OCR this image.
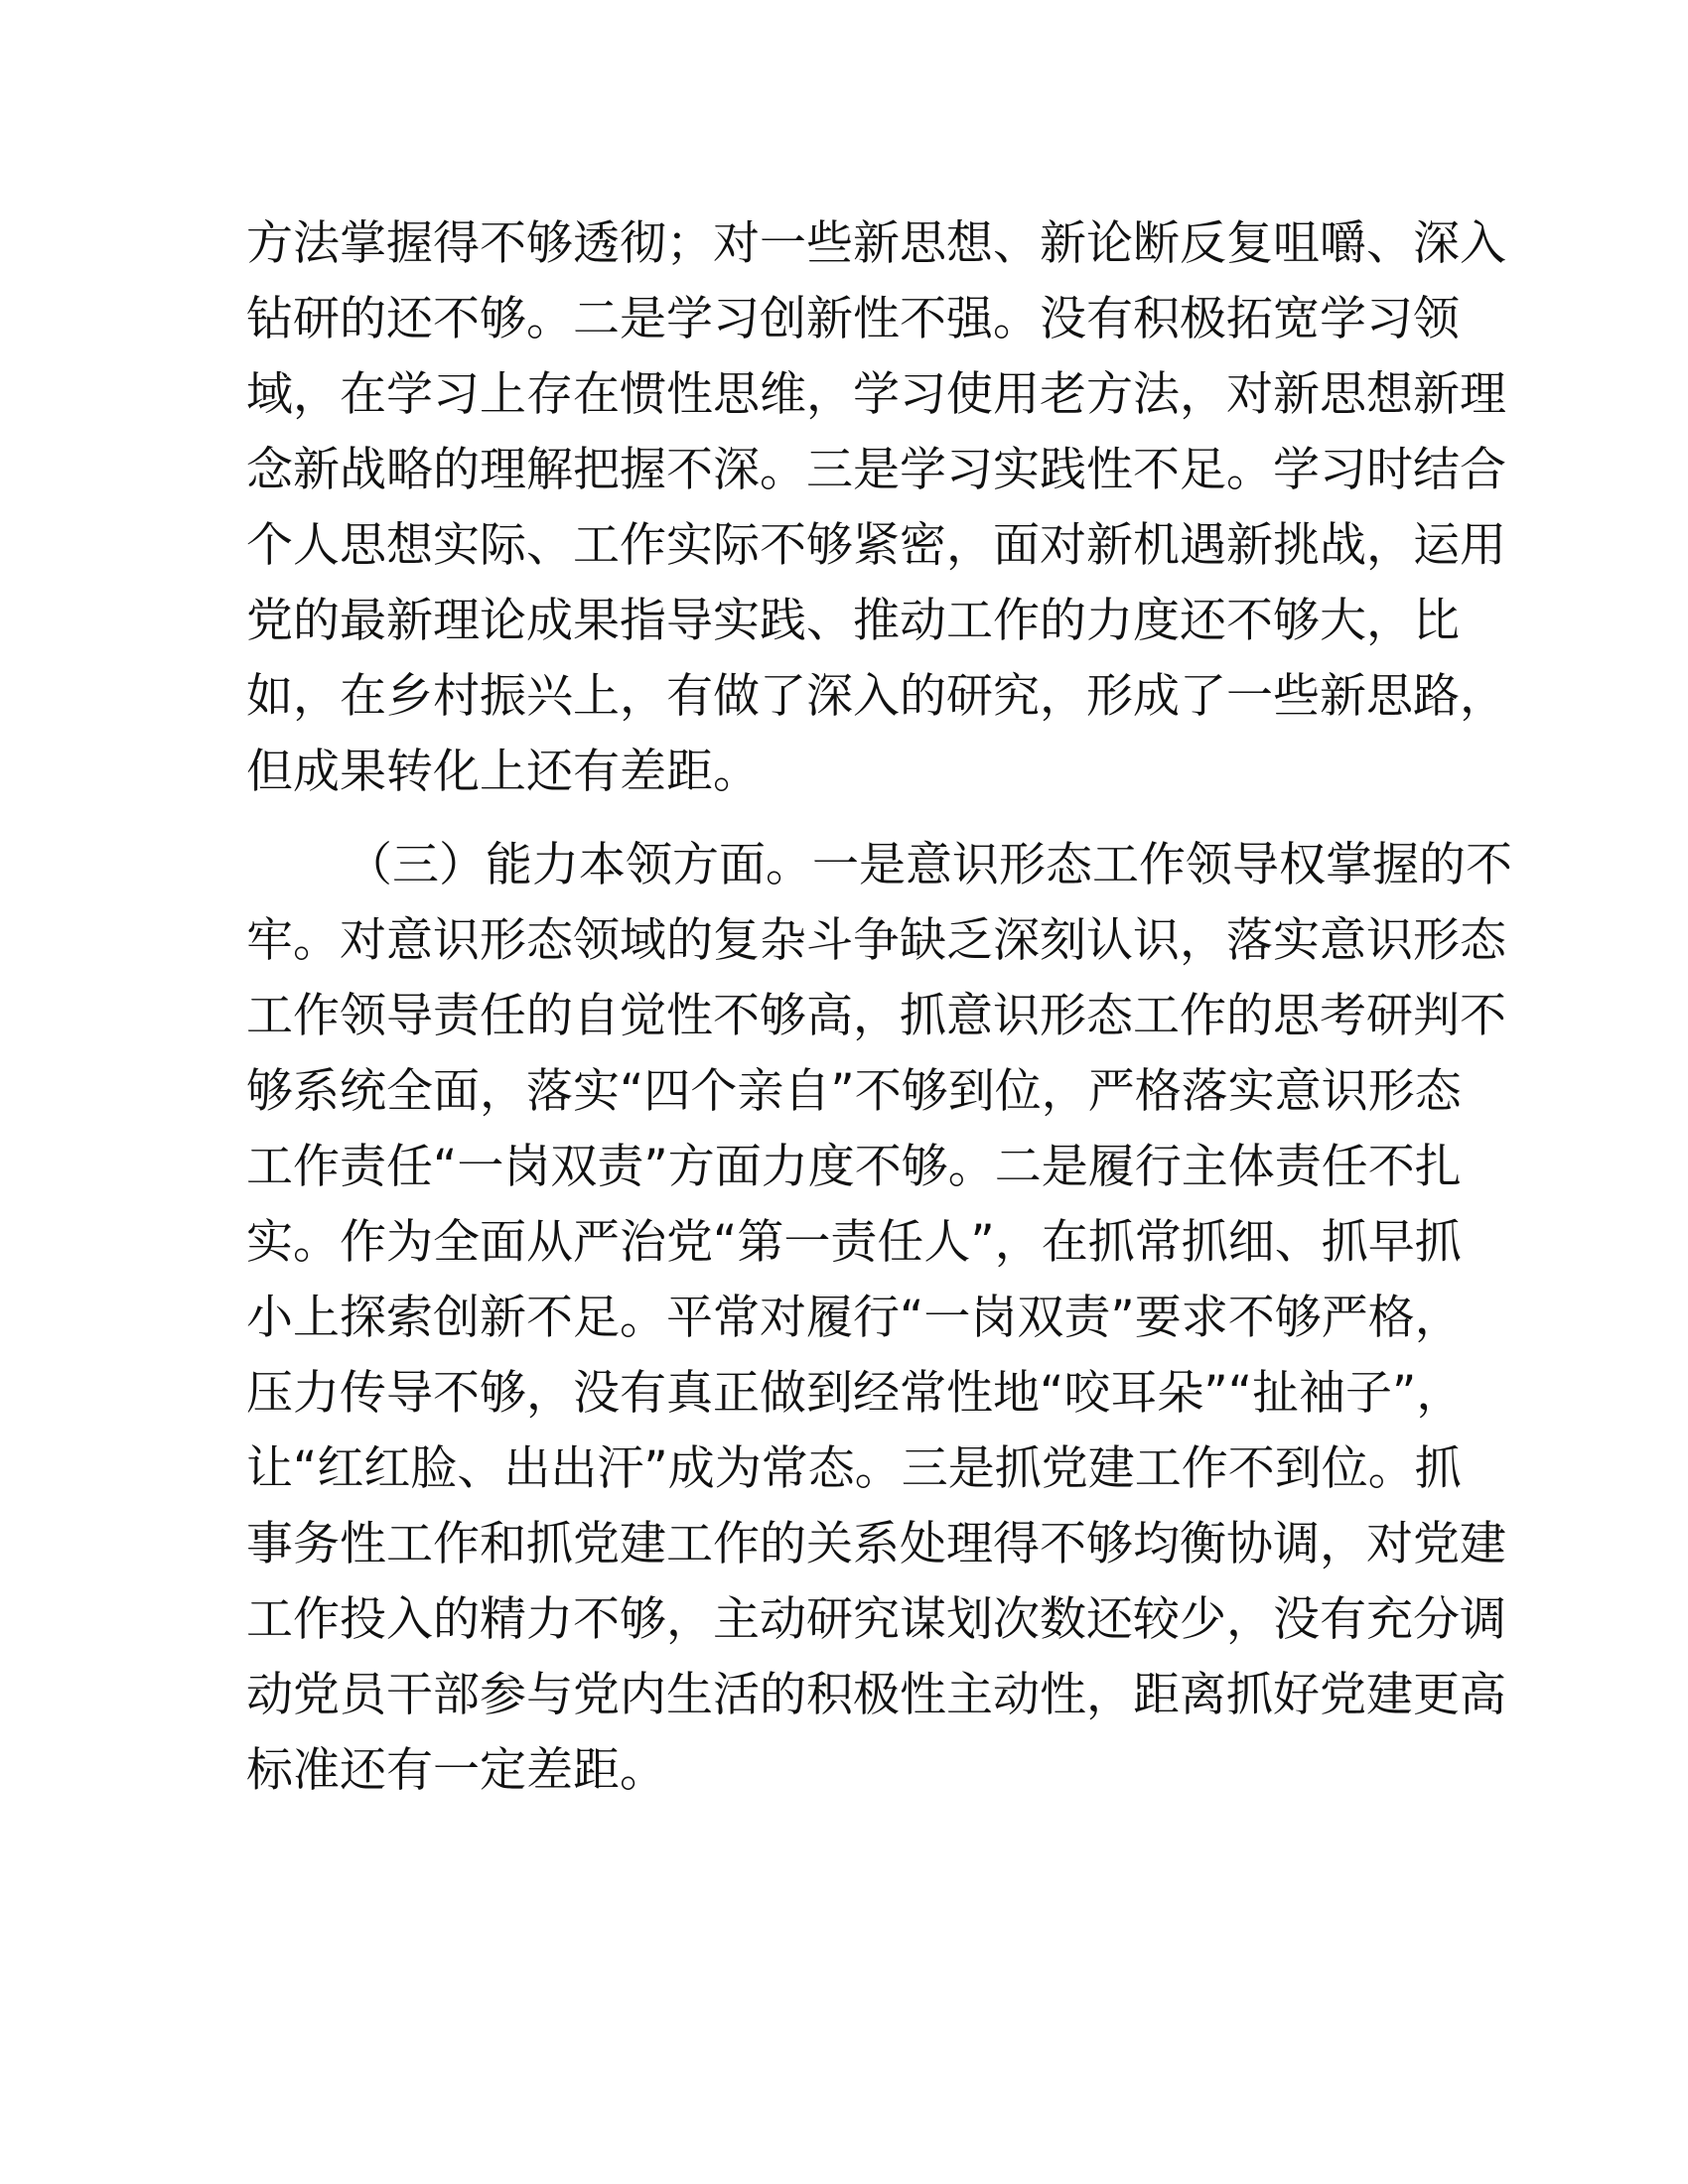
方法掌握得不够透彻；对一些新思想、新论断反复咀嚼、深入
钻研的还不够。二是学习创新性不强。没有积极拓宽学习领
域，在学习上存在惯性思维，学习使用老方法，对新思想新理
念新战略的理解把握不深。三是学习实践性不足。学习时结合
个人思想实际、工作实际不够紧密，面对新机遇新挑战，运用
党的最新理论成果指导实践、推动工作的力度还不够大，比
如，在乡村振兴上，有做了深入的研究，形成了一些新思路，
但成果转化上还有差距。
（三）能力本领方面。一是意识形态工作领导权掌握的不
牢。对意识形态领域的复杂斗争缺乏深刻认识，落实意识形态
工作领导责任的自觉性不够高，抓意识形态工作的思考研判不
够系统全面，落实“四个亲自”不够到位，严格落实意识形态
工作责任“一岗双责”方面力度不够。二是履行主体责任不扎
实。作为全面从严治党“第一责任人”，在抓常抓细、抓早抓
小上探索创新不足。平常对履行“一岗双责”要求不够严格，
压力传导不够，没有真正做到经常性地“咬耳朵”“扯袖子”，
让“红红脸、出出汗”成为常态。三是抓党建工作不到位。抓
事务性工作和抓党建工作的关系处理得不够均衡协调，对党建
工作投入的精力不够，主动研究谋划次数还较少，没有充分调
动党员干部参与党内生活的积极性主动性，距离抓好党建更高
标准还有一定差距。
